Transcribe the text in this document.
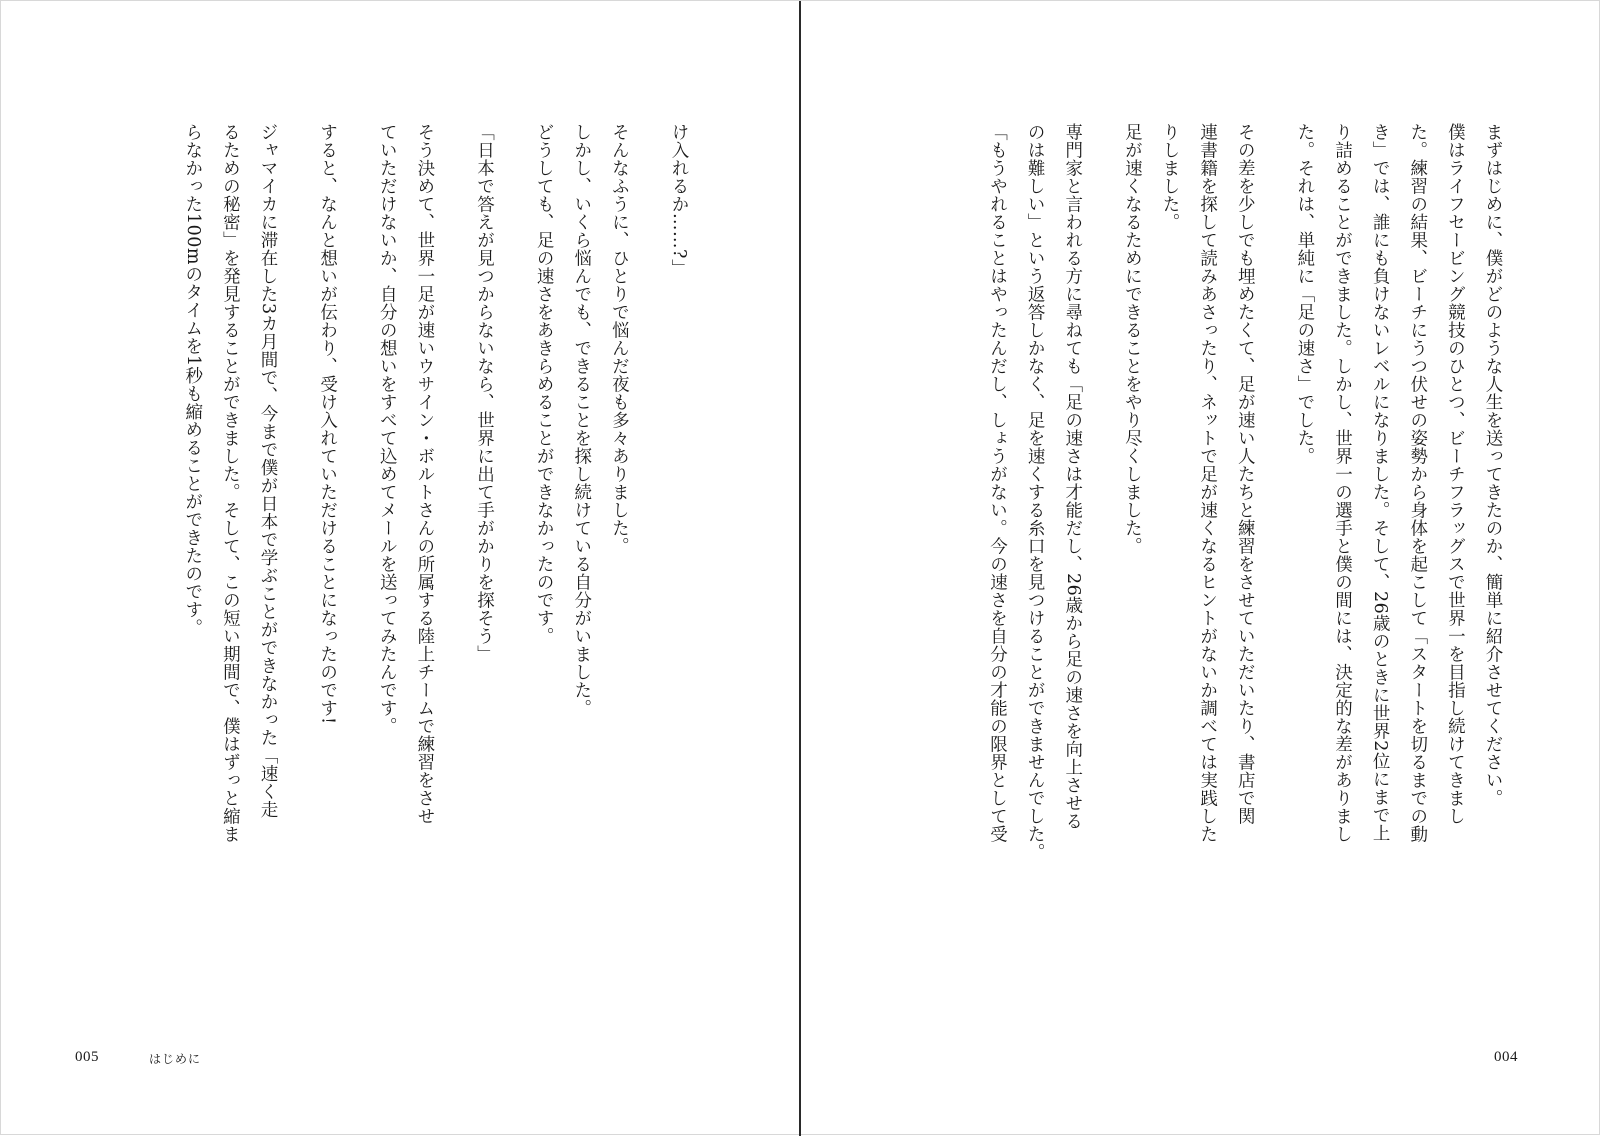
け入れるか……?」
そんなふうに、ひとりで悩んだ夜も多々ありました。
しかし、いくら悩んでも、できることを探し続けている自分がいました。
どうしても、足の速さをあきらめることができなかったのです。
「日本で答えが見つからないなら、世界に出て手がかりを探そう」
そう決めて、世界一足が速いウサイン・ボルトさんの所属する陸上チームで練習をさせ
ていただけないか、自分の想いをすべて込めてメールを送ってみたんです。
すると、なんと想いが伝わり、受け入れていただけることになったのです!
ジャマイカに滞在した3カ月間で、今まで僕が日本で学ぶことができなかった「速く走
るための秘密」を発見することができました。そして、この短い期間で、僕はずっと縮ま
らなかった100mのタイムを1秒も縮めることができたのです。
005	はじめに
まずはじめに、僕がどのような人生を送ってきたのか、簡単に紹介させてください。
僕はライフセービング競技のひとつ、ビーチフラッグスで世界一を目指し続けてきまし
た。練習の結果、ビーチにうつ伏せの姿勢から身体を起こして「スタートを切るまでの動
き」では、誰にも負けないレベルになりました。そして、26歳のときに世界2位にまで上
り詰めることができました。しかし、世界一の選手と僕の間には、決定的な差がありまし
た。それは、単純に「足の速さ」でした。
その差を少しでも埋めたくて、足が速い人たちと練習をさせていただいたり、書店で関
連書籍を探して読みあさったり、ネットで足が速くなるヒントがないか調べては実践した
りしました。
足が速くなるためにできることをやり尽くしました。
専門家と言われる方に尋ねても「足の速さは才能だし、26歳から足の速さを向上させる
のは難しい」という返答しかなく、足を速くする糸口を見つけることができませんでした。
「もうやれることはやったんだし、しょうがない。今の速さを自分の才能の限界として受
004
